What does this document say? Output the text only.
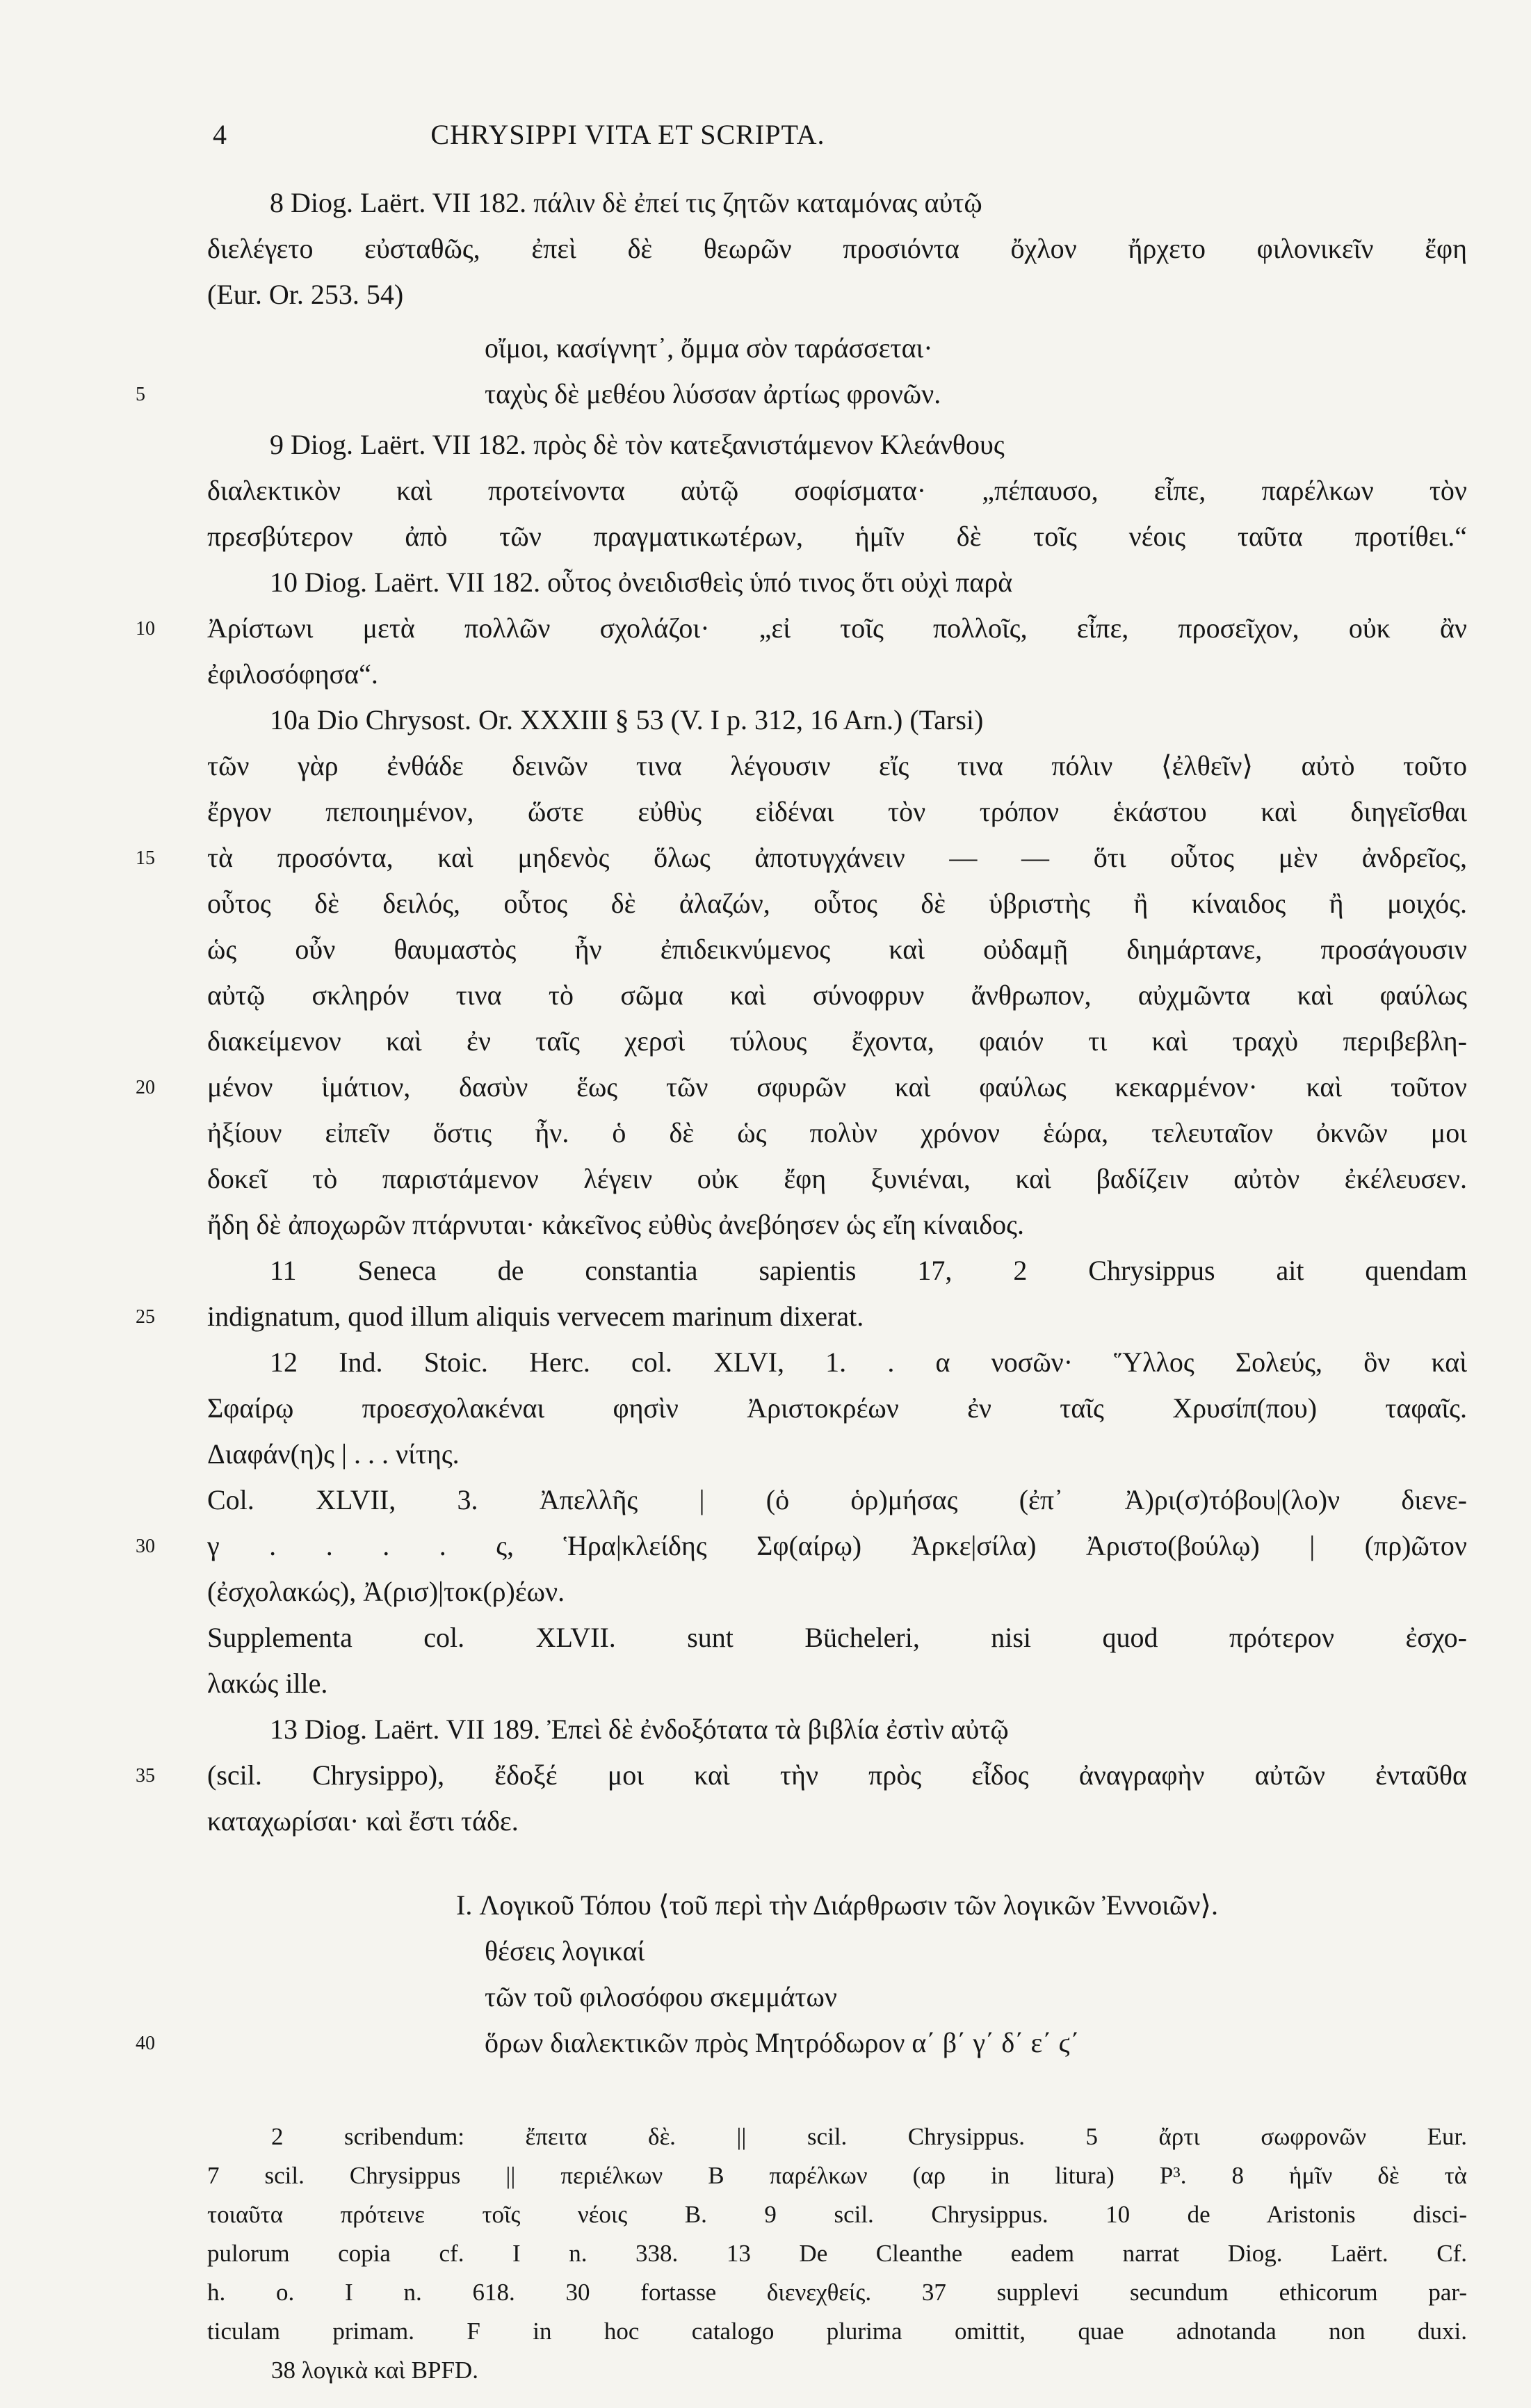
4	CHRYSIPPI VITA ET SCRIPTA.
8 Diog. Laërt. VII 182. πάλιν δὲ ἐπεί τις ζητῶν καταμόνας αὐτῷ
διελέγετο εὐσταθῶς, ἐπεὶ δὲ θεωρῶν προσιόντα ὄχλον ἤρχετο φιλονικεῖν ἔφη
(Eur. Or. 253. 54)
οἴμοι, κασίγνητ᾽, ὄμμα σὸν ταράσσεται·
ταχὺς δὲ μεθέου λύσσαν ἀρτίως φρονῶν.
9 Diog. Laërt. VII 182. πρὸς δὲ τὸν κατεξανιστάμενον Κλεάνθους
διαλεκτικὸν καὶ προτείνοντα αὐτῷ σοφίσματα· „πέπαυσο, εἶπε, παρέλκων τὸν
πρεσβύτερον ἀπὸ τῶν πραγματικωτέρων, ἡμῖν δὲ τοῖς νέοις ταῦτα προτίθει.“
10 Diog. Laërt. VII 182. οὗτος ὀνειδισθεὶς ὑπό τινος ὅτι οὐχὶ παρὰ
Ἀρίστωνι μετὰ πολλῶν σχολάζοι· „εἰ τοῖς πολλοῖς, εἶπε, προσεῖχον, οὐκ ἂν
ἐφιλοσόφησα“.
10a Dio Chrysost. Or. XXXIII § 53 (V. I p. 312, 16 Arn.) (Tarsi)
τῶν γὰρ ἐνθάδε δεινῶν τινα λέγουσιν εἴς τινα πόλιν ⟨ἐλθεῖν⟩ αὐτὸ τοῦτο
ἔργον πεποιημένον, ὥστε εὐθὺς εἰδέναι τὸν τρόπον ἑκάστου καὶ διηγεῖσθαι
τὰ προσόντα, καὶ μηδενὸς ὅλως ἀποτυγχάνειν — — ὅτι οὗτος μὲν ἀνδρεῖος,
οὗτος δὲ δειλός, οὗτος δὲ ἀλαζών, οὗτος δὲ ὑβριστὴς ἢ κίναιδος ἢ μοιχός.
ὡς οὖν θαυμαστὸς ἦν ἐπιδεικνύμενος καὶ οὐδαμῇ διημάρτανε, προσάγουσιν
αὐτῷ σκληρόν τινα τὸ σῶμα καὶ σύνοφρυν ἄνθρωπον, αὐχμῶντα καὶ φαύλως
διακείμενον καὶ ἐν ταῖς χερσὶ τύλους ἔχοντα, φαιόν τι καὶ τραχὺ περιβεβλη-
μένον ἱμάτιον, δασὺν ἕως τῶν σφυρῶν καὶ φαύλως κεκαρμένον· καὶ τοῦτον
ἠξίουν εἰπεῖν ὅστις ἦν. ὁ δὲ ὡς πολὺν χρόνον ἑώρα, τελευταῖον ὀκνῶν μοι
δοκεῖ τὸ παριστάμενον λέγειν οὐκ ἔφη ξυνιέναι, καὶ βαδίζειν αὐτὸν ἐκέλευσεν.
ἤδη δὲ ἀποχωρῶν πτάρνυται· κἀκεῖνος εὐθὺς ἀνεβόησεν ὡς εἴη κίναιδος.
11 Seneca de constantia sapientis 17, 2 Chrysippus ait quendam
indignatum, quod illum aliquis vervecem marinum dixerat.
12 Ind. Stoic. Herc. col. XLVI, 1. . α νοσῶν· Ὕλλος Σολεύς, ὃν καὶ
Σφαίρῳ προεσχολακέναι φησὶν Ἀριστοκρέων ἐν ταῖς Χρυσίπ(που) ταφαῖς.
Διαφάν(η)ς | . . . νίτης.
Col. XLVII, 3. Ἀπελλῆς | (ὁ ὁρ)μήσας (ἐπ᾽ Ἀ)ρι(σ)τόβου|(λο)ν διενε-
γ . . . . ς, Ἡρα|κλείδης Σφ(αίρῳ) Ἀρκε|σίλα) Ἀριστο(βούλῳ) | (πρ)ῶτον
(ἐσχολακώς), Ἀ(ρισ)|τοκ(ρ)έων.
Supplementa col. XLVII. sunt Bücheleri, nisi quod πρότερον ἐσχο-
λακώς ille.
13 Diog. Laërt. VII 189. Ἐπεὶ δὲ ἐνδοξότατα τὰ βιβλία ἐστὶν αὐτῷ
(scil. Chrysippo), ἔδοξέ μοι καὶ τὴν πρὸς εἶδος ἀναγραφὴν αὐτῶν ἐνταῦθα
καταχωρίσαι· καὶ ἔστι τάδε.
I. Λογικοῦ Τόπου ⟨τοῦ περὶ τὴν Διάρθρωσιν τῶν λογικῶν Ἐννοιῶν⟩.
θέσεις λογικαί
τῶν τοῦ φιλοσόφου σκεμμάτων
ὅρων διαλεκτικῶν πρὸς Μητρόδωρον α΄ β΄ γ΄ δ΄ ε΄ ϛ΄
5
10
15
20
25
30
35
40
2 scribendum: ἔπειτα δὲ. || scil. Chrysippus. 5 ἄρτι σωφρονῶν Eur.
7 scil. Chrysippus || περιέλκων B παρέλκων (αρ in litura) P³. 8 ἡμῖν δὲ τὰ
τοιαῦτα πρότεινε τοῖς νέοις B. 9 scil. Chrysippus. 10 de Aristonis disci-
pulorum copia cf. I n. 338. 13 De Cleanthe eadem narrat Diog. Laërt. Cf.
h. o. I n. 618. 30 fortasse διενεχθείς. 37 supplevi secundum ethicorum par-
ticulam primam. F in hoc catalogo plurima omittit, quae adnotanda non duxi.
38 λογικὰ καὶ BPFD.
